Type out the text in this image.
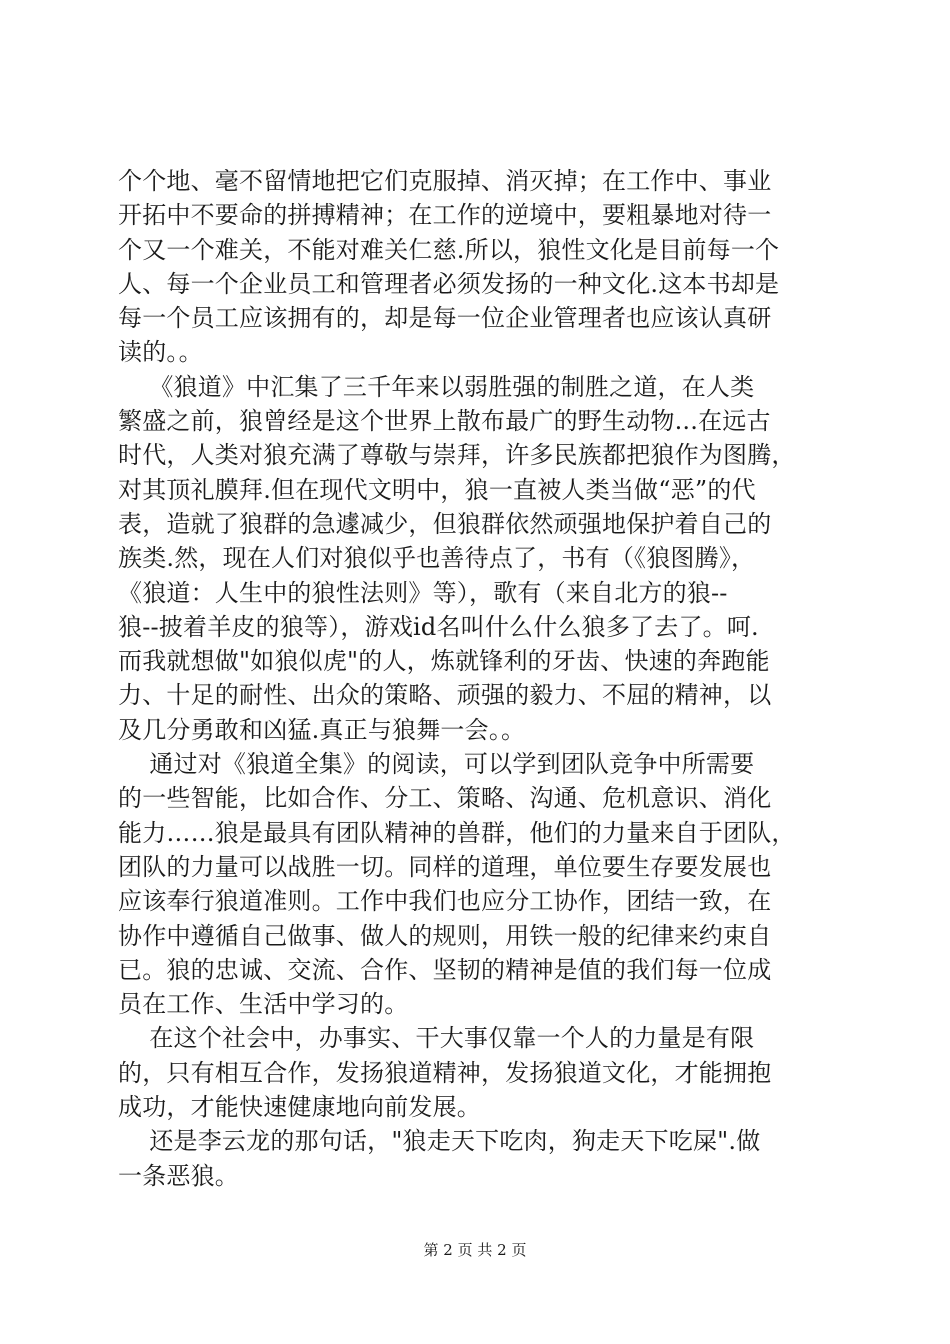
个个地、毫不留情地把它们克服掉、消灭掉；在工作中、事业
开拓中不要命的拼搏精神；在工作的逆境中，要粗暴地对待一
个又一个难关，不能对难关仁慈.所以，狼性文化是目前每一个
人、每一个企业员工和管理者必须发扬的一种文化.这本书却是
每一个员工应该拥有的，却是每一位企业管理者也应该认真研
读的。。
《狼道》中汇集了三千年来以弱胜强的制胜之道，在人类
繁盛之前，狼曾经是这个世界上散布最广的野生动物...在远古
时代，人类对狼充满了尊敬与崇拜，许多民族都把狼作为图腾，
对其顶礼膜拜.但在现代文明中，狼一直被人类当做“恶”的代
表，造就了狼群的急遽减少，但狼群依然顽强地保护着自己的
族类.然，现在人们对狼似乎也善待点了，书有（《狼图腾》，
《狼道：人生中的狼性法则》等），歌有（来自北方的狼--
狼--披着羊皮的狼等），游戏id名叫什么什么狼多了去了。呵.
而我就想做"如狼似虎"的人，炼就锋利的牙齿、快速的奔跑能
力、十足的耐性、出众的策略、顽强的毅力、不屈的精神，以
及几分勇敢和凶猛.真正与狼舞一会。。
通过对《狼道全集》的阅读，可以学到团队竞争中所需要
的一些智能，比如合作、分工、策略、沟通、危机意识、消化
能力……狼是最具有团队精神的兽群，他们的力量来自于团队，
团队的力量可以战胜一切。同样的道理，单位要生存要发展也
应该奉行狼道准则。工作中我们也应分工协作，团结一致，在
协作中遵循自己做事、做人的规则，用铁一般的纪律来约束自
已。狼的忠诚、交流、合作、坚韧的精神是值的我们每一位成
员在工作、生活中学习的。
在这个社会中，办事实、干大事仅靠一个人的力量是有限
的，只有相互合作，发扬狼道精神，发扬狼道文化，才能拥抱
成功，才能快速健康地向前发展。
还是李云龙的那句话，"狼走天下吃肉，狗走天下吃屎".做
一条恶狼。
第 2 页 共 2 页
